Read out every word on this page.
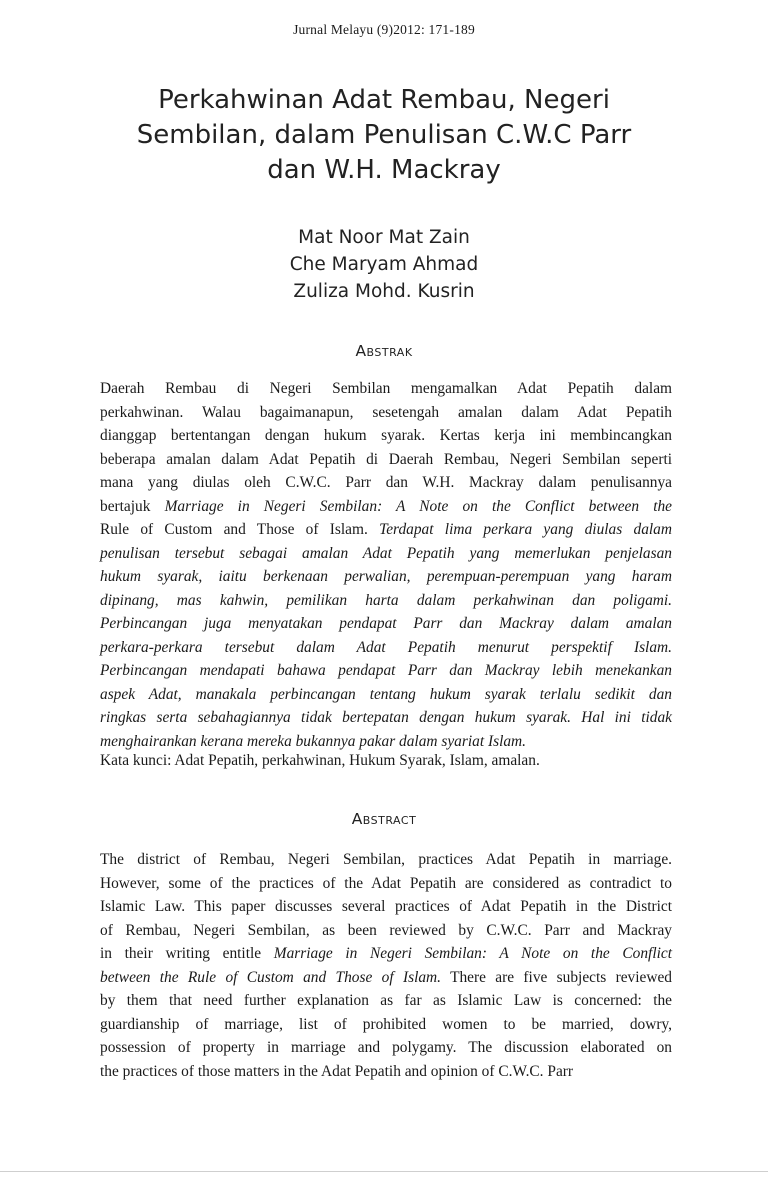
Jurnal Melayu (9)2012: 171-189
Perkahwinan Adat Rembau, Negeri
Sembilan, dalam Penulisan C.W.C Parr
dan W.H. Mackray
Mat Noor Mat Zain
Che Maryam Ahmad
Zuliza Mohd. Kusrin
Abstrak
Daerah Rembau di Negeri Sembilan mengamalkan Adat Pepatih dalam
perkahwinan. Walau bagaimanapun, sesetengah amalan dalam Adat Pepatih
dianggap bertentangan dengan hukum syarak. Kertas kerja ini membincangkan
beberapa amalan dalam Adat Pepatih di Daerah Rembau, Negeri Sembilan seperti
mana yang diulas oleh C.W.C. Parr dan W.H. Mackray dalam penulisannya
bertajuk Marriage in Negeri Sembilan: A Note on the Conflict between the
Rule of Custom and Those of Islam. Terdapat lima perkara yang diulas dalam
penulisan tersebut sebagai amalan Adat Pepatih yang memerlukan penjelasan
hukum syarak, iaitu berkenaan perwalian, perempuan-perempuan yang haram
dipinang, mas kahwin, pemilikan harta dalam perkahwinan dan poligami.
Perbincangan juga menyatakan pendapat Parr dan Mackray dalam amalan
perkara-perkara tersebut dalam Adat Pepatih menurut perspektif Islam.
Perbincangan mendapati bahawa pendapat Parr dan Mackray lebih menekankan
aspek Adat, manakala perbincangan tentang hukum syarak terlalu sedikit dan
ringkas serta sebahagiannya tidak bertepatan dengan hukum syarak. Hal ini tidak
menghairankan kerana mereka bukannya pakar dalam syariat Islam.

Kata kunci: Adat Pepatih, perkahwinan, Hukum Syarak, Islam, amalan.

Abstract
The district of Rembau, Negeri Sembilan, practices Adat Pepatih in marriage.
However, some of the practices of the Adat Pepatih are considered as contradict to
Islamic Law. This paper discusses several practices of Adat Pepatih in the District
of Rembau, Negeri Sembilan, as been reviewed by C.W.C. Parr and Mackray
in their writing entitle Marriage in Negeri Sembilan: A Note on the Conflict
between the Rule of Custom and Those of Islam. There are five subjects reviewed
by them that need further explanation as far as Islamic Law is concerned: the
guardianship of marriage, list of prohibited women to be married, dowry,
possession of property in marriage and polygamy. The discussion elaborated on
the practices of those matters in the Adat Pepatih and opinion of C.W.C. Parr
